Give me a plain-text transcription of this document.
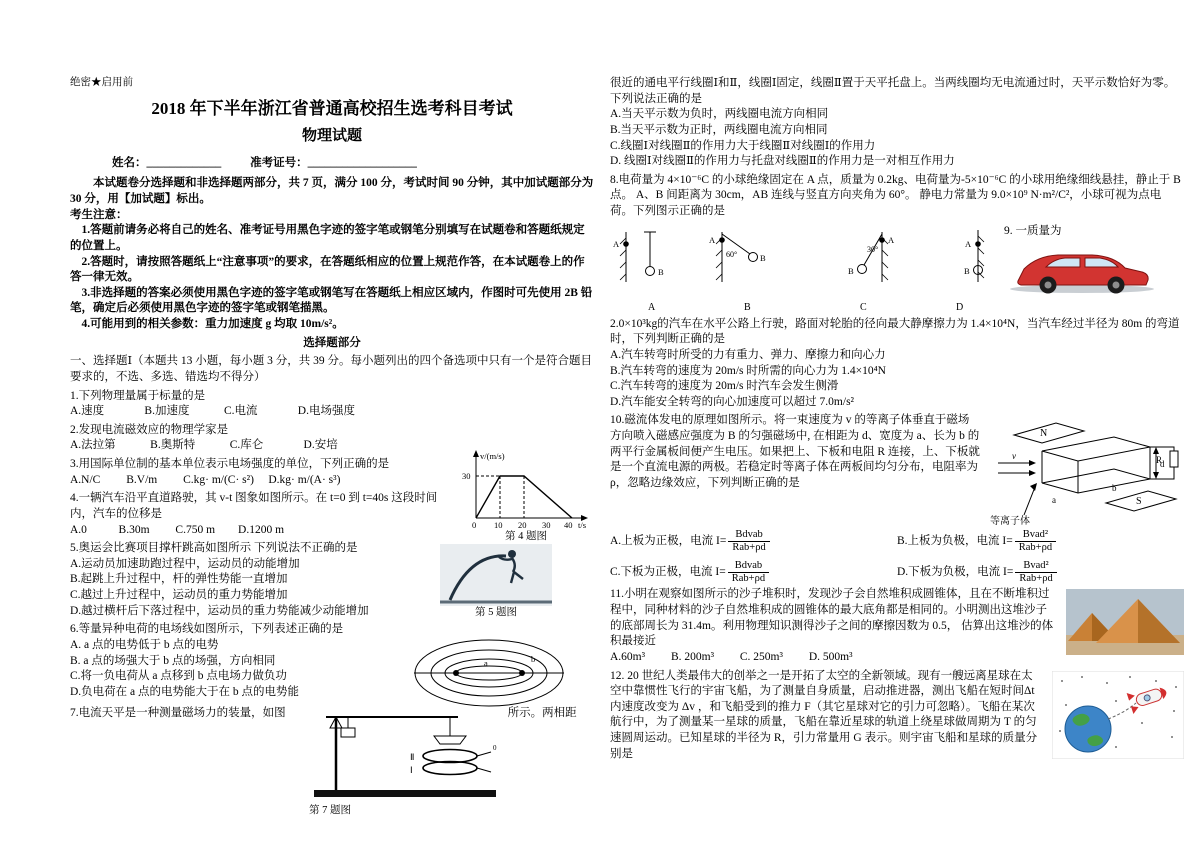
绝密★启用前
2018 年下半年浙江省普通高校招生选考科目考试
物理试题
姓名：_____________	准考证号：___________________
本试题卷分选择题和非选择题两部分，共 7 页，满分 100 分，考试时间 90 分钟，其中加试题部分为 30 分，用【加试题】标出。
考生注意：
1.答题前请务必将自己的姓名、准考证号用黑色字迹的签字笔或钢笔分别填写在试题卷和答题纸规定的位置上。
2.答题时，请按照答题纸上“注意事项”的要求，在答题纸相应的位置上规范作答，在本试题卷上的作答一律无效。
3.非选择题的答案必须使用黑色字迹的签字笔或钢笔写在答题纸上相应区域内，作图时可先使用 2B 铅笔，确定后必须使用黑色字迹的签字笔或钢笔描黑。
4.可能用到的相关参数：重力加速度 g 均取 10m/s²。
选择题部分
一、选择题Ⅰ（本题共 13 小题，每小题 3 分，共 39 分。每小题列出的四个备选项中只有一个是符合题目要求的，不选、多选、错选均不得分）
1.下列物理量属于标量的是
A.速度              B.加速度            C.电流              D.电场强度
2.发现电流磁效应的物理学家是
A.法拉第            B.奥斯特            C.库仑              D.安培
3.用国际单位制的基本单位表示电场强度的单位，下列正确的是
A.N/C         B.V/m         C.kg· m/(C· s²)     D.kg· m/(A· s³)
4.一辆汽车沿平直道路驶，其 v-t 图象如图所示。在 t=0 到 t=40s 这段时间内，汽车的位移是
A.0           B.30m         C.750 m        D.1200 m
5.奥运会比赛项目撑杆跳高如图所示 下列说法不正确的是
A.运动员加速助跑过程中，运动员的动能增加
B.起跳上升过程中，杆的弹性势能一直增加
C.越过上升过程中，运动员的重力势能增加
D.越过横杆后下落过程中，运动员的重力势能减少动能增加
6.等量异种电荷的电场线如图所示，下列表述正确的是
A. a 点的电势低于 b 点的电势
B. a 点的场强大于 b 点的场强，方向相同
C.将一负电荷从 a 点移到 b 点电场力做负功
D.负电荷在 a 点的电势能大于在 b 点的电势能
7.电流天平是一种测量磁场力的装量，如图
Ⅱ
Ⅰ
0
所示。两相距
第 7 题图
v/(m/s)
30
0 10 20 30 40 t/s
第 4 题图
第 5 题图
a	b
很近的通电平行线圈Ⅰ和Ⅱ，线圈Ⅰ固定，线圈Ⅱ置于天平托盘上。当两线圈均无电流通过时，天平示数恰好为零。下列说法正确的是
A.当天平示数为负时，两线圈电流方向相同
B.当天平示数为正时，两线圈电流方向相同
C.线圈Ⅰ对线圈Ⅱ的作用力大于线圈Ⅱ对线圈Ⅰ的作用力
D. 线圈Ⅰ对线圈Ⅱ的作用力与托盘对线圈Ⅱ的作用力是一对相互作用力
8.电荷量为 4×10⁻⁶C 的小球绝缘固定在 A 点，质量为 0.2kg、电荷量为-5×10⁻⁶C 的小球用绝缘细线悬挂，静止于 B 点。 A、B 间距离为 30cm，AB 连线与竖直方向夹角为 60°。 静电力常量为 9.0×10⁹ N·m²/C²，小球可视为点电荷。下列图示正确的是
A
B
A
B
60°
A
B
30°
A
B
A	B	C	D
9. 一质量为
2.0×10³kg的汽车在水平公路上行驶，路面对轮胎的径向最大静摩擦力为 1.4×10⁴N，当汽车经过半径为 80m 的弯道时，下列判断正确的是
A.汽车转弯时所受的力有重力、弹力、摩擦力和向心力
B.汽车转弯的速度为 20m/s 时所需的向心力为 1.4×10⁴N
C.汽车转弯的速度为 20m/s 时汽车会发生侧滑
D.汽车能安全转弯的向心加速度可以超过 7.0m/s²
N
S
d
a
b
v	R
等离子体
10.磁流体发电的原理如图所示。将一束速度为 v 的等离子体垂直于磁场方向喷入磁感应强度为 B 的匀强磁场中, 在相距为 d、宽度为 a、长为 b 的两平行金属板间便产生电压。如果把上、下板和电阻 R 连接，上、下板就是一个直流电源的两极。若稳定时等离子体在两板间均匀分布，电阻率为ρ，忽略边缘效应，下列判断正确的是
A.上板为正极，电流 $I= \frac{\text{Bdvab}}{\text{Rab+ρd}}$	B.上板为负极，电流 $I= \frac{\text{Bvad²}}{\text{Rab+ρd}}$
C.下板为正极，电流 $I= \frac{\text{Bdvab}}{\text{Rab+ρd}}$	D.下板为负极，电流 $I= \frac{\text{Bvad²}}{\text{Rab+ρd}}$
11.小明在观察如图所示的沙子堆积时，发现沙子会自然堆积成圆锥体，且在不断堆积过程中，同种材料的沙子自然堆积成的圆锥体的最大底角都是相同的。小明测出这堆沙子的底部周长为 31.4m。利用物理知识测得沙子之间的摩擦因数为 0.5， 估算出这堆沙的体积最接近
A.60m³         B. 200m³         C. 250m³         D. 500m³
12. 20 世纪人类最伟大的创举之一是开拓了太空的全新领域。现有一艘远离星球在太空中靠惯性飞行的宇宙飞船，为了测量自身质量，启动推进器，测出飞船在短时间Δt 内速度改变为 Δv ，和飞船受到的推力 F（其它星球对它的引力可忽略）。飞船在某次航行中，为了测量某一星球的质量，飞船在靠近星球的轨道上绕星球做周期为 T 的匀速圆周运动。已知星球的半径为 R，引力常量用 G 表示。则宇宙飞船和星球的质量分别是
